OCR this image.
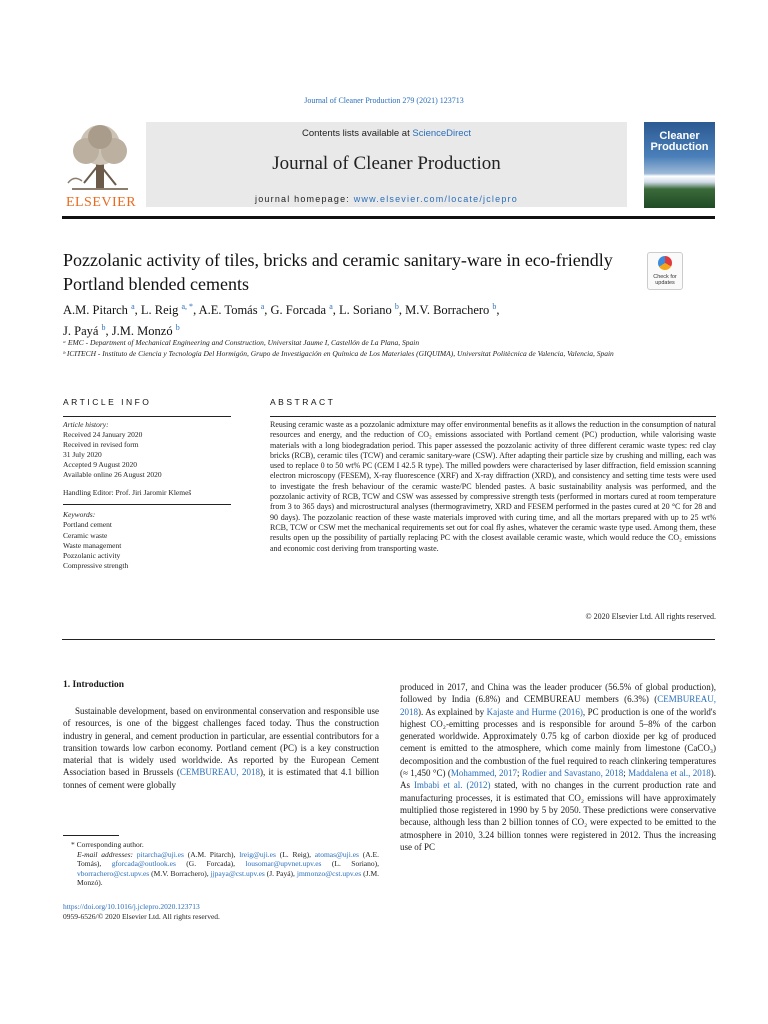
Journal of Cleaner Production 279 (2021) 123713
ELSEVIER
Contents lists available at ScienceDirect
Journal of Cleaner Production
journal homepage: www.elsevier.com/locate/jclepro
Cleaner
Production
Pozzolanic activity of tiles, bricks and ceramic sanitary-ware in eco-friendly Portland blended cements	Check for
updates
A.M. Pitarch $^a$, L. Reig $^{a, *}$, A.E. Tomás $^a$, G. Forcada $^a$, L. Soriano $^b$, M.V. Borrachero $^b$,
J. Payá $^b$, J.M. Monzó $^b$
ᵃ EMC - Department of Mechanical Engineering and Construction, Universitat Jaume I, Castellón de La Plana, Spain
ᵇ ICITECH - Instituto de Ciencia y Tecnología Del Hormigón, Grupo de Investigación en Química de Los Materiales (GIQUIMA), Universitat Politècnica de Valencia, Valencia, Spain
ARTICLE INFO
Article history:
Received 24 January 2020
Received in revised form
31 July 2020
Accepted 9 August 2020
Available online 26 August 2020
Handling Editor: Prof. Jiri Jaromir Klemeš
Keywords:
Portland cement
Ceramic waste
Waste management
Pozzolanic activity
Compressive strength
ABSTRACT
Reusing ceramic waste as a pozzolanic admixture may offer environmental benefits as it allows the reduction in the consumption of natural resources and energy, and the reduction of CO₂ emissions associated with Portland cement (PC) production, while valorising waste materials with a long biodegradation period. This paper assessed the pozzolanic activity of three different ceramic waste types: red clay bricks (RCB), ceramic tiles (TCW) and ceramic sanitary-ware (CSW). After adapting their particle size by crushing and milling, each was used to replace 0 to 50 wt% PC (CEM I 42.5 R type). The milled powders were characterised by laser diffraction, field emission scanning electron microscopy (FESEM), X-ray fluorescence (XRF) and X-ray diffraction (XRD), and consistency and setting time tests were used to investigate the fresh behaviour of the ceramic waste/PC blended pastes. A basic sustainability analysis was performed, and the pozzolanic activity of RCB, TCW and CSW was assessed by compressive strength tests (performed in mortars cured at room temperature from 3 to 365 days) and microstructural analyses (thermogravimetry, XRD and FESEM performed in the pastes cured at 20 °C for 28 and 90 days). The pozzolanic reaction of these waste materials improved with curing time, and all the mortars prepared with up to 25 wt% RCB, TCW or CSW met the mechanical requirements set out for coal fly ashes, whatever the ceramic waste type used. Among them, these results open up the possibility of partially replacing PC with the closest available ceramic waste, which would reduce the CO₂ emissions and economic cost deriving from transporting waste.
© 2020 Elsevier Ltd. All rights reserved.
1. Introduction
Sustainable development, based on environmental conservation and responsible use of resources, is one of the biggest challenges faced today. Thus the construction industry in general, and cement production in particular, are essential contributors for a transition towards low carbon economy. Portland cement (PC) is a key construction material that is widely used worldwide. As reported by the European Cement Association based in Brussels (CEMBUREAU, 2018), it is estimated that 4.1 billion tonnes of cement were globally
produced in 2017, and China was the leader producer (56.5% of global production), followed by India (6.8%) and CEMBUREAU members (6.3%) (CEMBUREAU, 2018). As explained by Kajaste and Hurme (2016), PC production is one of the world's highest CO₂-emitting processes and is responsible for around 5–8% of the carbon generated worldwide. Approximately 0.75 kg of carbon dioxide per kg of produced cement is emitted to the atmosphere, which come mainly from limestone (CaCO₃) decomposition and the combustion of the fuel required to reach clinkering temperatures (≈ 1,450 °C) (Mohammed, 2017; Rodier and Savastano, 2018; Maddalena et al., 2018). As Imbabi et al. (2012) stated, with no changes in the current production rate and manufacturing processes, it is estimated that CO₂ emissions will have approximately multiplied those registered in 1990 by 5 by 2050. These predictions were conservative because, although less than 2 billion tonnes of CO₂ were expected to be emitted to the atmosphere in 2010, 3.24 billion tonnes were registered in 2012. Thus the increasing use of PC
* Corresponding author.
E-mail addresses: pitarcha@uji.es (A.M. Pitarch), lreig@uji.es (L. Reig), atomas@uji.es (A.E. Tomás), gforcada@outlook.es (G. Forcada), lousomar@upvnet.upv.es (L. Soriano), vborrachero@cst.upv.es (M.V. Borrachero), jjpaya@cst.upv.es (J. Payá), jmmonzo@cst.upv.es (J.M. Monzó).
https://doi.org/10.1016/j.jclepro.2020.123713
0959-6526/© 2020 Elsevier Ltd. All rights reserved.
